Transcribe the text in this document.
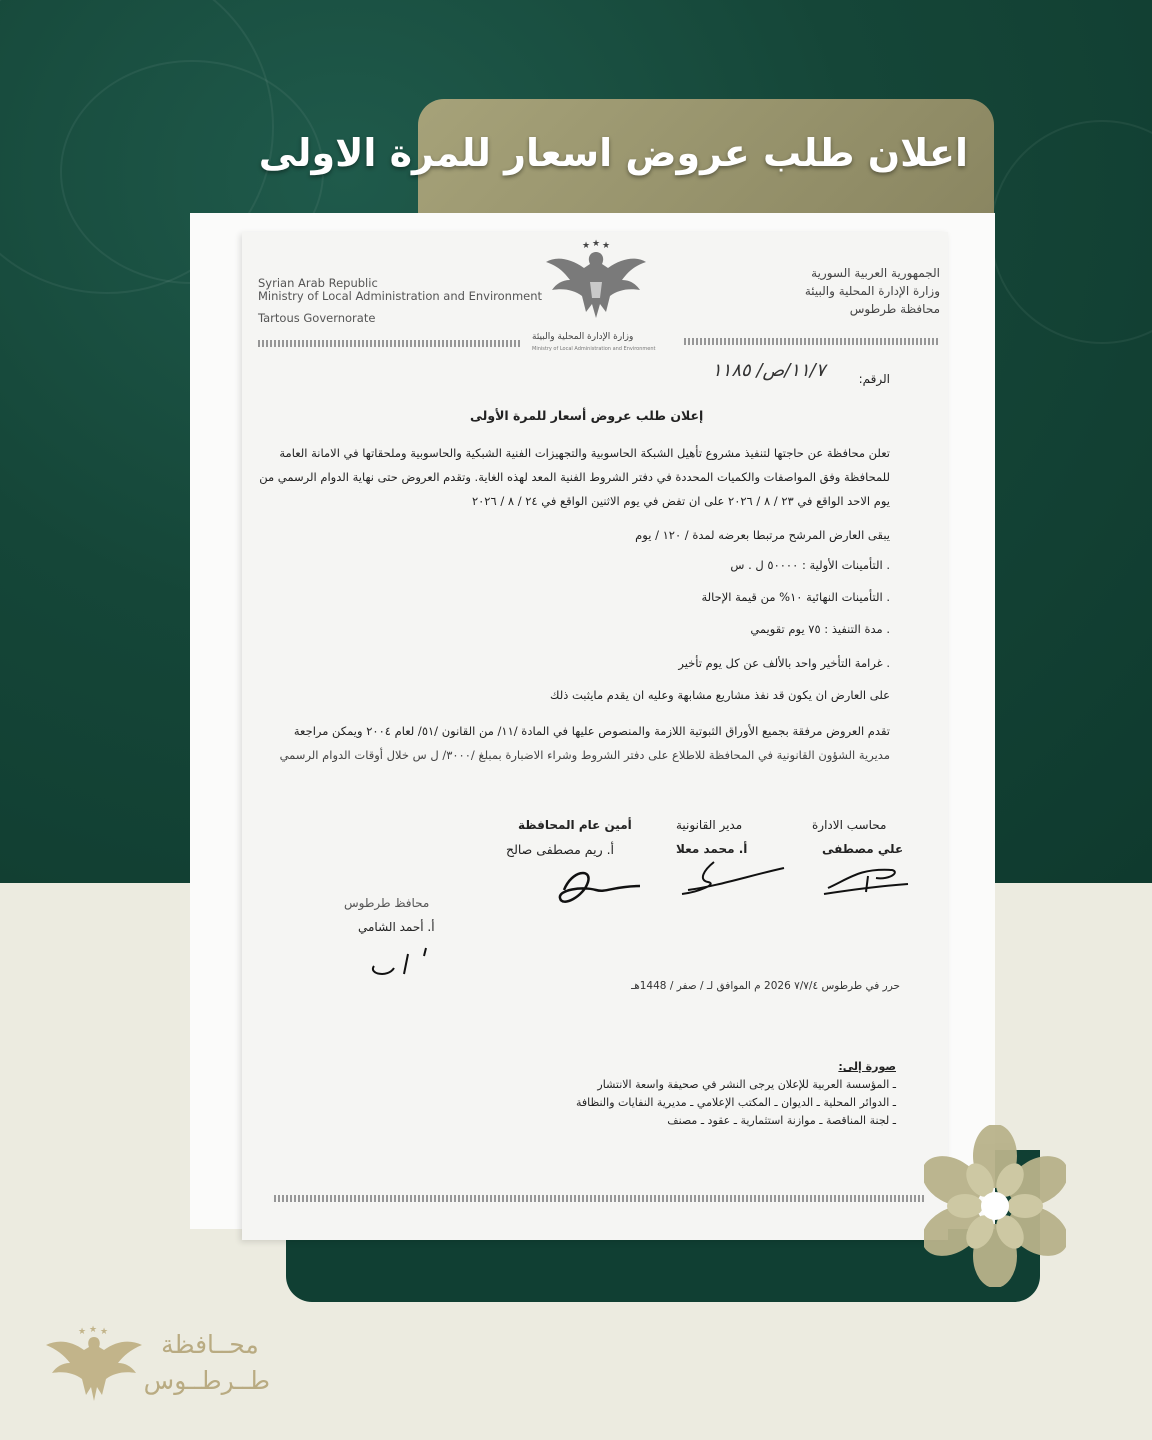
اعلان طلب عروض اسعار للمرة الاولى
Syrian Arab Republic
Ministry of Local Administration and Environment
Tartous Governorate
★ ★ ★
وزارة الإدارة المحلية والبيئة
Ministry of Local Administration and Environment
الجمهورية العربية السورية
وزارة الإدارة المحلية والبيئة
محافظة طرطوس
الرقم:
١١/٧/ص/ ١١٨٥
إعلان طلب عروض أسعار للمرة الأولى
تعلن محافظة عن حاجتها لتنفيذ مشروع تأهيل الشبكة الحاسوبية والتجهيزات الفنية الشبكية والحاسوبية وملحقاتها في الامانة العامة
للمحافظة وفق المواصفات والكميات المحددة في دفتر الشروط الفنية المعد لهذه الغاية. وتقدم العروض حتى نهاية الدوام الرسمي من
يوم الاحد الواقع في ٢٣ / ٨ / ٢٠٢٦ على ان تفض في يوم الاثنين الواقع في ٢٤ / ٨ / ٢٠٢٦
يبقى العارض المرشح مرتبطا بعرضه لمدة / ١٢٠ / يوم
. التأمينات الأولية : ٥٠٠٠٠ ل . س
. التأمينات النهائية ١٠% من قيمة الإحالة
. مدة التنفيذ : ٧٥ يوم تقويمي
. غرامة التأخير واحد بالألف عن كل يوم تأخير
على العارض ان يكون قد نفذ مشاريع مشابهة وعليه ان يقدم مايثبت ذلك
تقدم العروض مرفقة بجميع الأوراق الثبوتية اللازمة والمنصوص عليها في المادة /١١/ من القانون /٥١/ لعام ٢٠٠٤ ويمكن مراجعة
مديرية الشؤون القانونية في المحافظة للاطلاع على دفتر الشروط وشراء الاضبارة بمبلغ /٣٠٠٠/ ل س خلال أوقات الدوام الرسمي
محاسب الادارة
علي مصطفى
مدير القانونية
أ. محمد معلا
أمين عام المحافظة
أ. ريم مصطفى صالح
محافظ طرطوس
أ. أحمد الشامي
حرر في طرطوس ٧/٧/٤ 2026 م الموافق لـ / صفر / 1448هـ
صورة إلى:
ـ المؤسسة العربية للإعلان يرجى النشر في صحيفة واسعة الانتشار
ـ الدوائر المحلية ـ الديوان ـ المكتب الإعلامي ـ مديرية النفايات والنظافة
ـ لجنة المناقصة ـ موازنة استثمارية ـ عقود ـ مصنف
★ ★ ★	محــافظة
طــرطــوس
